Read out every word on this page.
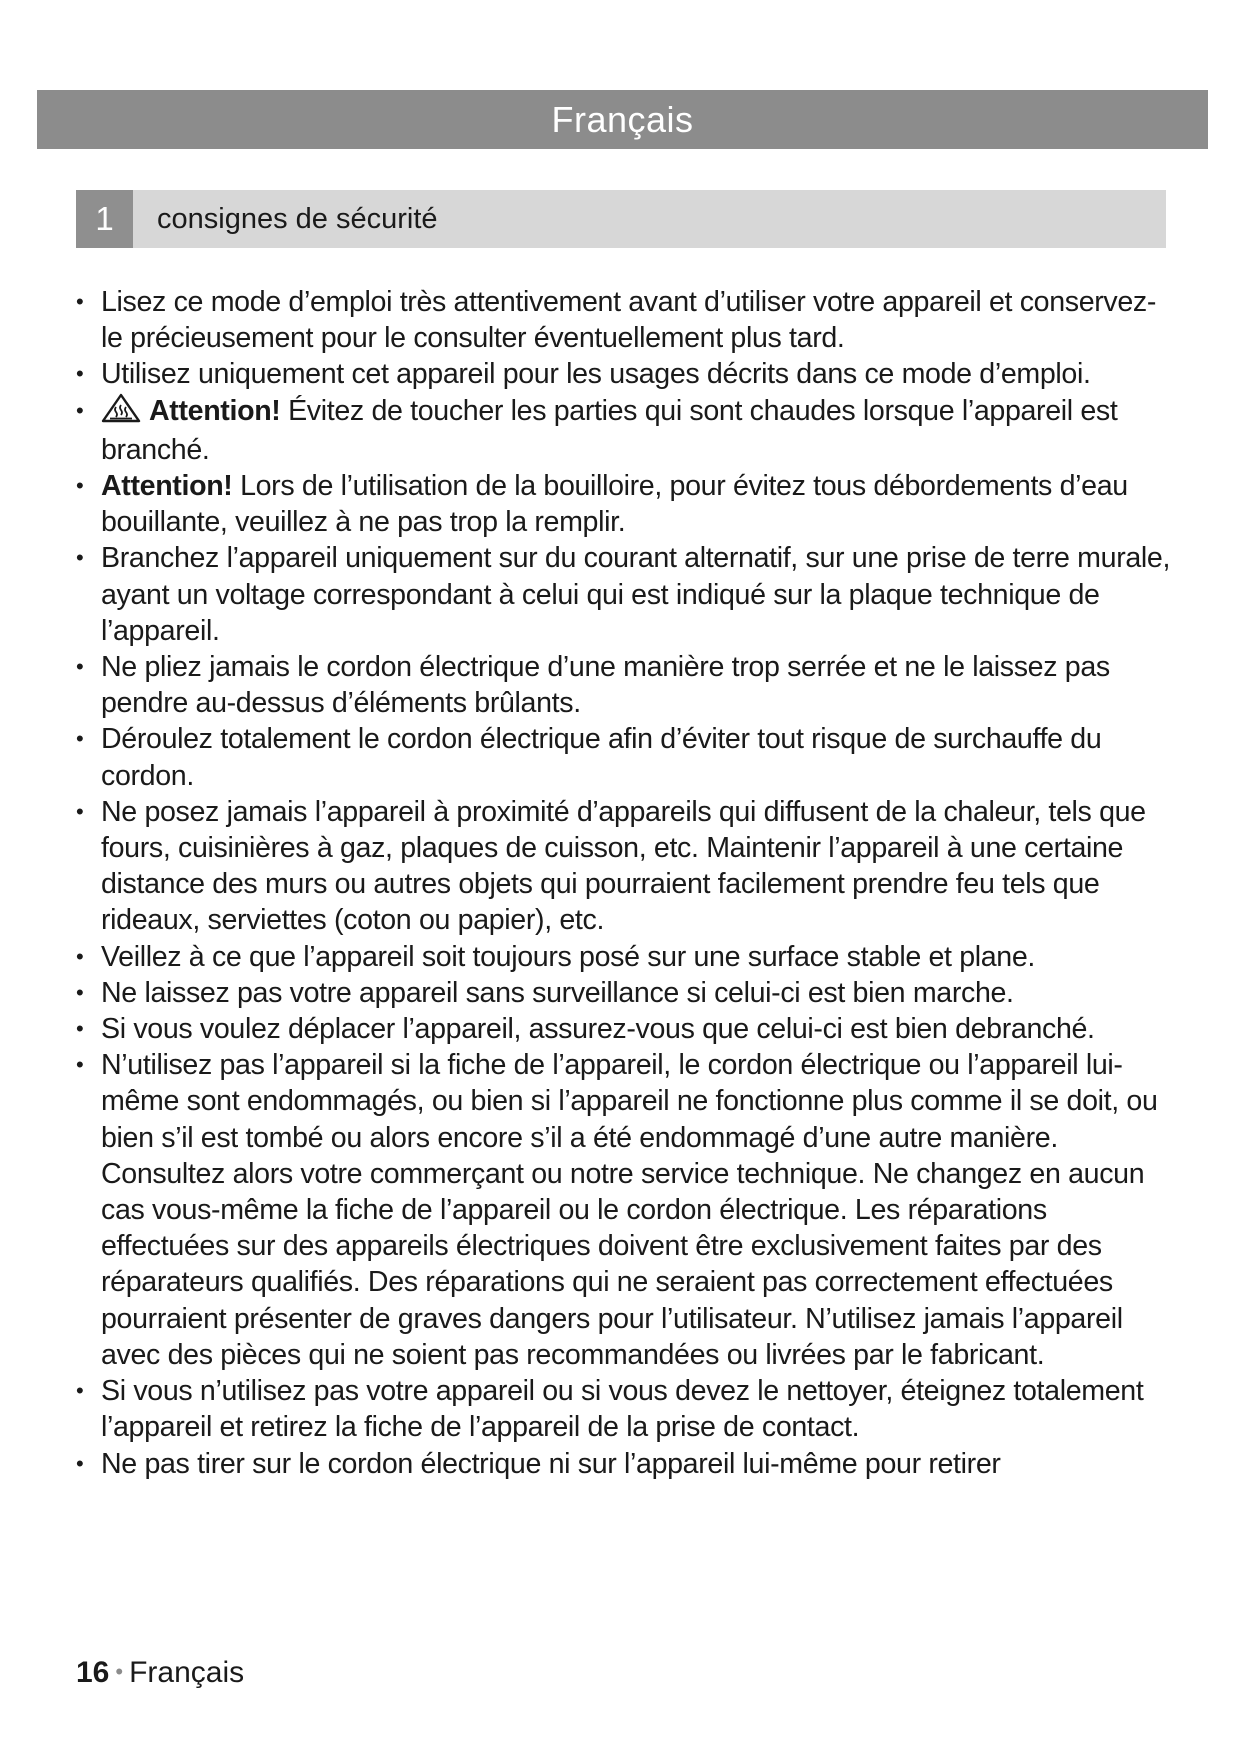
Français
1	consignes de sécurité
• Lisez ce mode d’emploi très attentivement avant d’utiliser votre appareil et conservez-le précieusement pour le consulter éventuellement plus tard.
• Utilisez uniquement cet appareil pour les usages décrits dans ce mode d’emploi.
• Attention! Évitez de toucher les parties qui sont chaudes lorsque l’appareil est branché.
• Attention! Lors de l’utilisation de la bouilloire, pour évitez tous débordements d’eau bouillante, veuillez à ne pas trop la remplir.
• Branchez l’appareil uniquement sur du courant alternatif, sur une prise de terre murale, ayant un voltage correspondant à celui qui est indiqué sur la plaque technique de l’appareil.
• Ne pliez jamais le cordon électrique d’une manière trop serrée et ne le laissez pas pendre au-dessus d’éléments brûlants.
• Déroulez totalement le cordon électrique afin d’éviter tout risque de surchauffe du cordon.
• Ne posez jamais l’appareil à proximité d’appareils qui diffusent de la chaleur, tels que fours, cuisinières à gaz, plaques de cuisson, etc. Maintenir l’appareil à une certaine distance des murs ou autres objets qui pourraient facilement prendre feu tels que rideaux, serviettes (coton ou papier), etc.
• Veillez à ce que l’appareil soit toujours posé sur une surface stable et plane.
• Ne laissez pas votre appareil sans surveillance si celui-ci est bien marche.
• Si vous voulez déplacer l’appareil, assurez-vous que celui-ci est bien debranché.
• N’utilisez pas l’appareil si la fiche de l’appareil, le cordon électrique ou l’appareil lui-même sont endommagés, ou bien si l’appareil ne fonctionne plus comme il se doit, ou bien s’il est tombé ou alors encore s’il a été endommagé d’une autre manière. Consultez alors votre commerçant ou notre service technique. Ne changez en aucun cas vous-même la fiche de l’appareil ou le cordon électrique. Les réparations effectuées sur des appareils électriques doivent être exclusivement faites par des réparateurs qualifiés. Des réparations qui ne seraient pas correctement effectuées pourraient présenter de graves dangers pour l’utilisateur. N’utilisez jamais l’appareil avec des pièces qui ne soient pas recommandées ou livrées par le fabricant.
• Si vous n’utilisez pas votre appareil ou si vous devez le nettoyer, éteignez totalement l’appareil et retirez la fiche de l’appareil de la prise de contact.
• Ne pas tirer sur le cordon électrique ni sur l’appareil lui-même pour retirer
16 • Français
